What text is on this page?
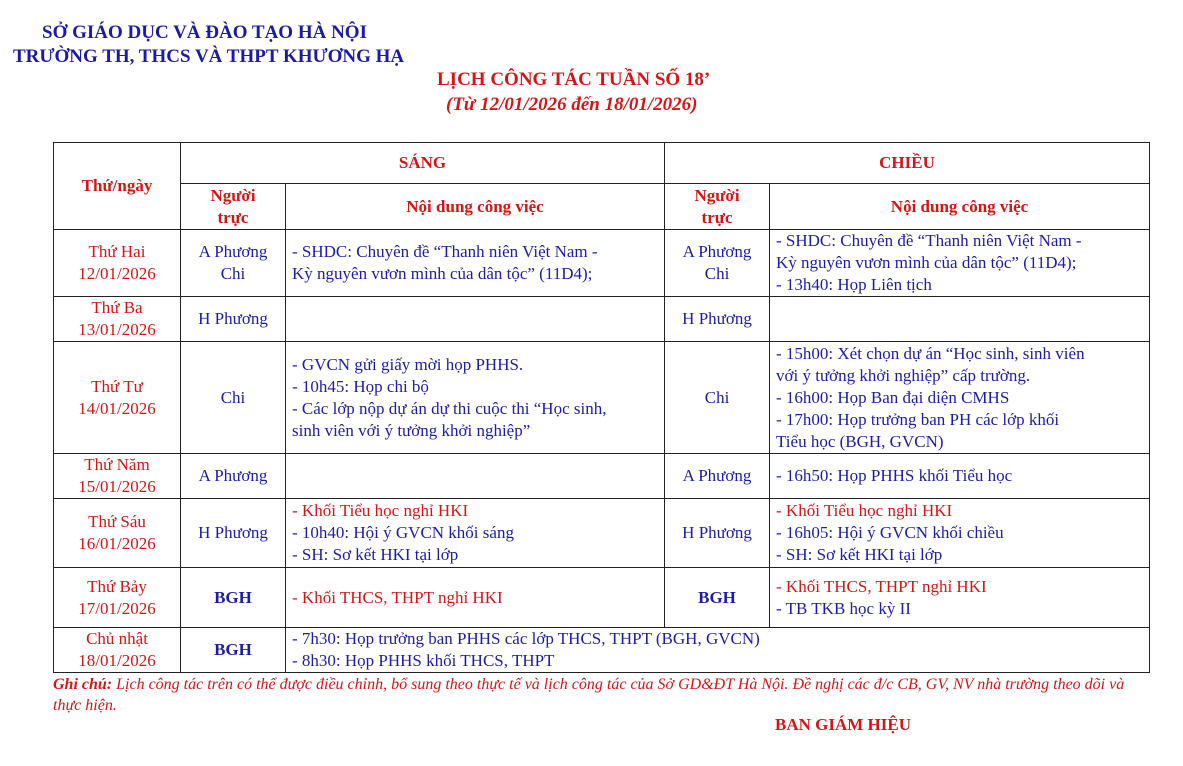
SỞ GIÁO DỤC VÀ ĐÀO TẠO HÀ NỘI
TRƯỜNG TH, THCS VÀ THPT KHƯƠNG HẠ
LỊCH CÔNG TÁC TUẦN SỐ 18’
(Từ 12/01/2026 đến 18/01/2026)
Thứ/ngày	SÁNG		CHIỀU	

	Người
trực	Nội dung công việc	Người
trực	Nội dung công việc

Thứ Hai
12/01/2026	A Phương
Chi	- SHDC: Chuyên đề “Thanh niên Việt Nam -
Kỳ nguyên vươn mình của dân tộc” (11D4);	A Phương
Chi	- SHDC: Chuyên đề “Thanh niên Việt Nam -
Kỳ nguyên vươn mình của dân tộc” (11D4);
- 13h40: Họp Liên tịch

Thứ Ba
13/01/2026	H Phương		H Phương	

Thứ Tư
14/01/2026	Chi	- GVCN gửi giấy mời họp PHHS.
- 10h45: Họp chi bộ
- Các lớp nộp dự án dự thi cuộc thi “Học sinh,
sinh viên với ý tưởng khởi nghiệp”	Chi	- 15h00: Xét chọn dự án “Học sinh, sinh viên
với ý tưởng khởi nghiệp” cấp trường.
- 16h00: Họp Ban đại diện CMHS
- 17h00: Họp trưởng ban PH các lớp khối
Tiểu học (BGH, GVCN)

Thứ Năm
15/01/2026	A Phương		A Phương	- 16h50: Họp PHHS khối Tiểu học

Thứ Sáu
16/01/2026	H Phương	- Khối Tiểu học nghỉ HKI
- 10h40: Hội ý GVCN khối sáng
- SH: Sơ kết HKI tại lớp	H Phương	- Khối Tiểu học nghỉ HKI
- 16h05: Hội ý GVCN khối chiều
- SH: Sơ kết HKI tại lớp

Thứ Bảy
17/01/2026	BGH	- Khối THCS, THPT nghỉ HKI	BGH	- Khối THCS, THPT nghỉ HKI
- TB TKB học kỳ II

Chủ nhật
18/01/2026	BGH	- 7h30: Họp trưởng ban PHHS các lớp THCS, THPT (BGH, GVCN)
- 8h30: Họp PHHS khối THCS, THPT		
Ghi chú: Lịch công tác trên có thể được điều chỉnh, bổ sung theo thực tế và lịch công tác của Sở GD&ĐT Hà Nội. Đề nghị các đ/c CB, GV, NV nhà trường theo dõi và thực hiện.
BAN GIÁM HIỆU
